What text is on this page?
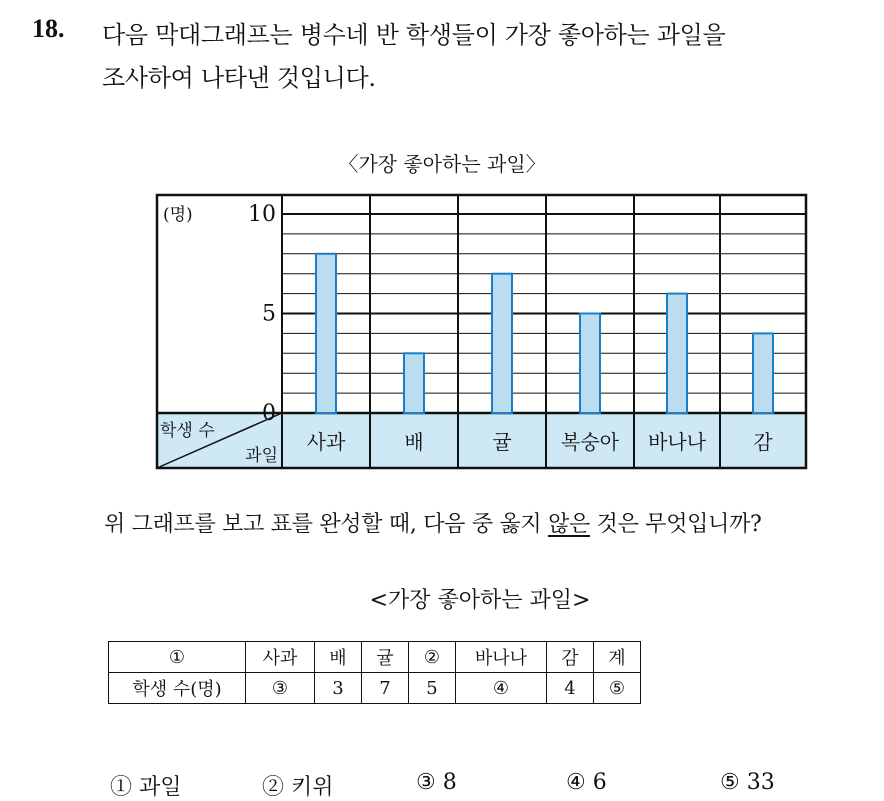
18. 다음 막대그래프는 병수네 반 학생들이 가장 좋아하는 과일을
조사하여 나타낸 것입니다.
〈가장 좋아하는 과일〉
0
5
10
(명)
사과	배	귤 복숭아 바나나 감
학생 수
과일
위 그래프를 보고 표를 완성할 때, 다음 중 옳지 않은 것은 무엇입니까?
<가장 좋아하는 과일>
①	사과	배	귤	②	바나나	감	계
학생 수(명)	③	3	7	5	④	4	⑤
① 과일	② 키위	③ 8	④ 6	⑤ 33
